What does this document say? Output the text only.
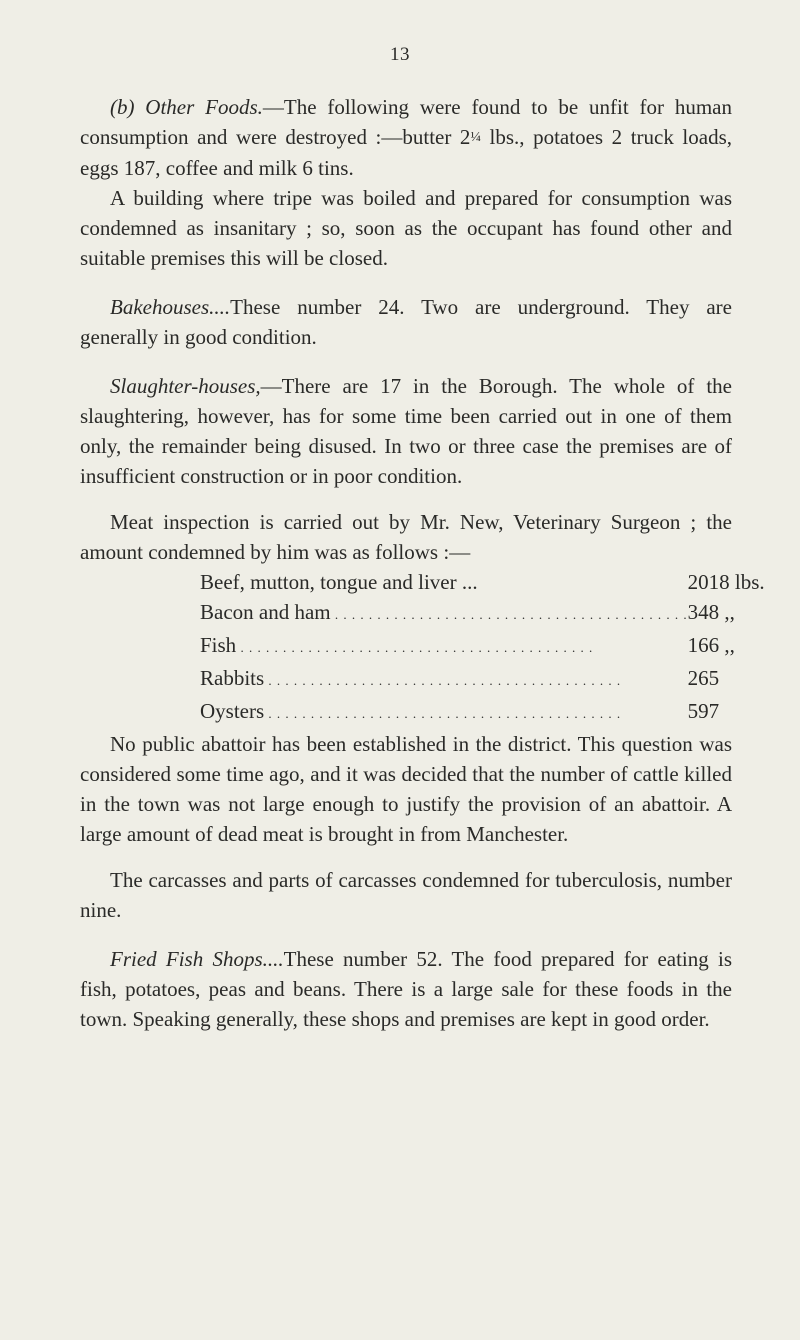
13

(b) Other Foods.—The following were found to be unfit for human consumption and were destroyed :—butter 2¼ lbs., potatoes 2 truck loads, eggs 187, coffee and milk 6 tins.

A building where tripe was boiled and prepared for consumption was condemned as insanitary ; so, soon as the occupant has found other and suitable premises this will be closed.

Bakehouses....These number 24. Two are underground. They are generally in good condition.

Slaughter-houses,—There are 17 in the Borough. The whole of the slaughtering, however, has for some time been carried out in one of them only, the remainder being disused. In two or three case the premises are of insufficient construction or in poor condition.

Meat inspection is carried out by Mr. New, Veterinary Surgeon ; the amount condemned by him was as follows :—

Beef, mutton, tongue and liver ...	2018 lbs.
Bacon and ham . . .	348 ,,
Fish . . .	166 ,,
Rabbits . . .	265
Oysters . . .	597

No public abattoir has been established in the district. This question was considered some time ago, and it was decided that the number of cattle killed in the town was not large enough to justify the provision of an abattoir. A large amount of dead meat is brought in from Manchester.

The carcasses and parts of carcasses condemned for tuberculosis, number nine.

Fried Fish Shops....These number 52. The food prepared for eating is fish, potatoes, peas and beans. There is a large sale for these foods in the town. Speaking generally, these shops and premises are kept in good order.
